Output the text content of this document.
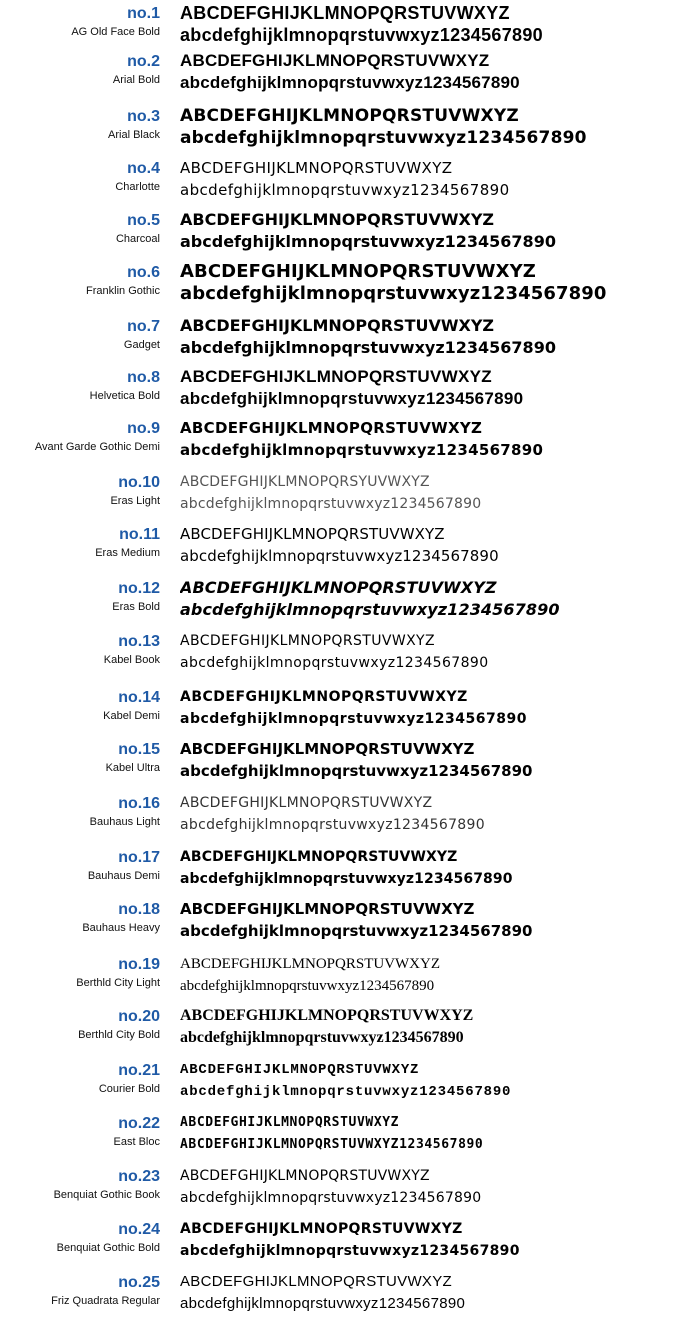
no.1
AG Old Face Bold
ABCDEFGHIJKLMNOPQRSTUVWXYZ
abcdefghijklmnopqrstuvwxyz1234567890
no.2
Arial Bold
ABCDEFGHIJKLMNOPQRSTUVWXYZ
abcdefghijklmnopqrstuvwxyz1234567890
no.3
Arial Black
ABCDEFGHIJKLMNOPQRSTUVWXYZ
abcdefghijklmnopqrstuvwxyz1234567890
no.4
Charlotte
ABCDEFGHIJKLMNOPQRSTUVWXYZ
abcdefghijklmnopqrstuvwxyz1234567890
no.5
Charcoal
ABCDEFGHIJKLMNOPQRSTUVWXYZ
abcdefghijklmnopqrstuvwxyz1234567890
no.6
Franklin Gothic
ABCDEFGHIJKLMNOPQRSTUVWXYZ
abcdefghijklmnopqrstuvwxyz1234567890
no.7
Gadget
ABCDEFGHIJKLMNOPQRSTUVWXYZ
abcdefghijklmnopqrstuvwxyz1234567890
no.8
Helvetica Bold
ABCDEFGHIJKLMNOPQRSTUVWXYZ
abcdefghijklmnopqrstuvwxyz1234567890
no.9
Avant Garde Gothic Demi
ABCDEFGHIJKLMNOPQRSTUVWXYZ
abcdefghijklmnopqrstuvwxyz1234567890
no.10
Eras Light
ABCDEFGHIJKLMNOPQRSYUVWXYZ
abcdefghijklmnopqrstuvwxyz1234567890
no.11
Eras Medium
ABCDEFGHIJKLMNOPQRSTUVWXYZ
abcdefghijklmnopqrstuvwxyz1234567890
no.12
Eras Bold
ABCDEFGHIJKLMNOPQRSTUVWXYZ
abcdefghijklmnopqrstuvwxyz1234567890
no.13
Kabel Book
ABCDEFGHIJKLMNOPQRSTUVWXYZ
abcdefghijklmnopqrstuvwxyz1234567890
no.14
Kabel Demi
ABCDEFGHIJKLMNOPQRSTUVWXYZ
abcdefghijklmnopqrstuvwxyz1234567890
no.15
Kabel Ultra
ABCDEFGHIJKLMNOPQRSTUVWXYZ
abcdefghijklmnopqrstuvwxyz1234567890
no.16
Bauhaus Light
ABCDEFGHIJKLMNOPQRSTUVWXYZ
abcdefghijklmnopqrstuvwxyz1234567890
no.17
Bauhaus Demi
ABCDEFGHIJKLMNOPQRSTUVWXYZ
abcdefghijklmnopqrstuvwxyz1234567890
no.18
Bauhaus Heavy
ABCDEFGHIJKLMNOPQRSTUVWXYZ
abcdefghijklmnopqrstuvwxyz1234567890
no.19
Berthld City Light
ABCDEFGHIJKLMNOPQRSTUVWXYZ
abcdefghijklmnopqrstuvwxyz1234567890
no.20
Berthld City Bold
ABCDEFGHIJKLMNOPQRSTUVWXYZ
abcdefghijklmnopqrstuvwxyz1234567890
no.21
Courier Bold
ABCDEFGHIJKLMNOPQRSTUVWXYZ
abcdefghijklmnopqrstuvwxyz1234567890
no.22
East Bloc
ABCDEFGHIJKLMNOPQRSTUVWXYZ
ABCDEFGHIJKLMNOPQRSTUVWXYZ1234567890
no.23
Benquiat Gothic Book
ABCDEFGHIJKLMNOPQRSTUVWXYZ
abcdefghijklmnopqrstuvwxyz1234567890
no.24
Benquiat Gothic Bold
ABCDEFGHIJKLMNOPQRSTUVWXYZ
abcdefghijklmnopqrstuvwxyz1234567890
no.25
Friz Quadrata Regular
ABCDEFGHIJKLMNOPQRSTUVWXYZ
abcdefghijklmnopqrstuvwxyz1234567890
